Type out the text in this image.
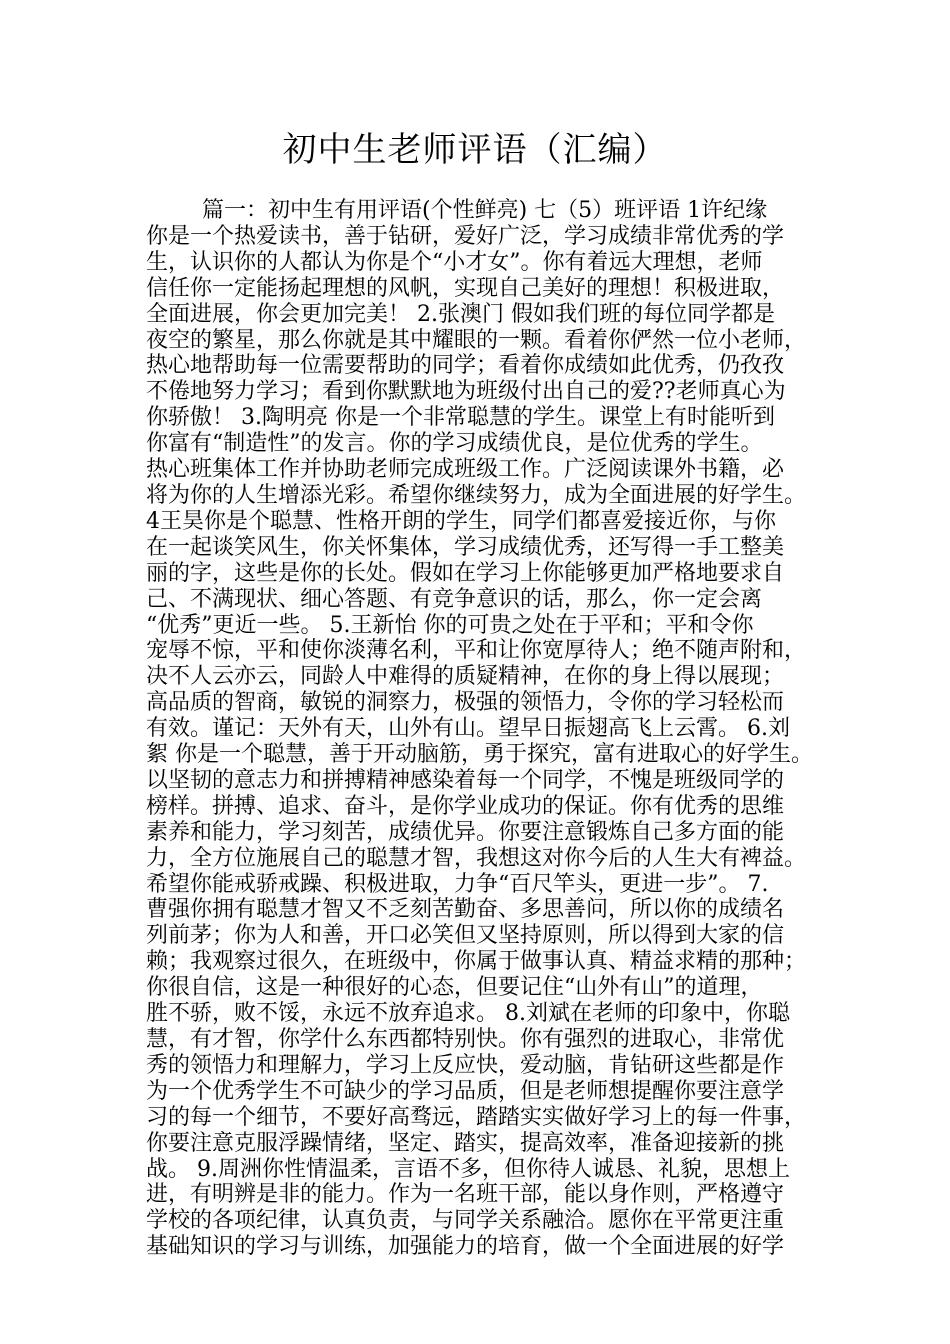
初中生老师评语（汇编）
篇一：初中生有用评语(个性鲜亮) 七（5）班评语 1许纪缘
你是一个热爱读书，善于钻研，爱好广泛，学习成绩非常优秀的学
生，认识你的人都认为你是个“小才女”。你有着远大理想，老师
信任你一定能扬起理想的风帆，实现自己美好的理想！积极进取，
全面进展，你会更加完美！ 2.张澳门 假如我们班的每位同学都是
夜空的繁星，那么你就是其中耀眼的一颗。看着你俨然一位小老师，
热心地帮助每一位需要帮助的同学；看着你成绩如此优秀，仍孜孜
不倦地努力学习；看到你默默地为班级付出自己的爱??老师真心为
你骄傲！ 3.陶明亮 你是一个非常聪慧的学生。课堂上有时能听到
你富有“制造性”的发言。你的学习成绩优良，是位优秀的学生。
热心班集体工作并协助老师完成班级工作。广泛阅读课外书籍，必
将为你的人生增添光彩。希望你继续努力，成为全面进展的好学生。
4王昊你是个聪慧、性格开朗的学生，同学们都喜爱接近你，与你
在一起谈笑风生，你关怀集体，学习成绩优秀，还写得一手工整美
丽的字，这些是你的长处。假如在学习上你能够更加严格地要求自
己、不满现状、细心答题、有竞争意识的话，那么，你一定会离
“优秀”更近一些。 5.王新怡 你的可贵之处在于平和；平和令你
宠辱不惊，平和使你淡薄名利，平和让你宽厚待人；绝不随声附和，
决不人云亦云，同龄人中难得的质疑精神，在你的身上得以展现；
高品质的智商，敏锐的洞察力，极强的领悟力，令你的学习轻松而
有效。谨记：天外有天，山外有山。望早日振翅高飞上云霄。 6.刘
絮 你是一个聪慧，善于开动脑筋，勇于探究，富有进取心的好学生。
以坚韧的意志力和拼搏精神感染着每一个同学，不愧是班级同学的
榜样。拼搏、追求、奋斗，是你学业成功的保证。你有优秀的思维
素养和能力，学习刻苦，成绩优异。你要注意锻炼自己多方面的能
力，全方位施展自己的聪慧才智，我想这对你今后的人生大有裨益。
希望你能戒骄戒躁、积极进取，力争“百尺竿头，更进一步”。 7.
曹强你拥有聪慧才智又不乏刻苦勤奋、多思善问，所以你的成绩名
列前茅；你为人和善，开口必笑但又坚持原则，所以得到大家的信
赖；我观察过很久，在班级中，你属于做事认真、精益求精的那种；
你很自信，这是一种很好的心态，但要记住“山外有山”的道理，
胜不骄，败不馁，永远不放弃追求。 8.刘斌在老师的印象中，你聪
慧，有才智，你学什么东西都特别快。你有强烈的进取心，非常优
秀的领悟力和理解力，学习上反应快，爱动脑，肯钻研这些都是作
为一个优秀学生不可缺少的学习品质，但是老师想提醒你要注意学
习的每一个细节，不要好高骛远，踏踏实实做好学习上的每一件事，
你要注意克服浮躁情绪，坚定、踏实，提高效率，准备迎接新的挑
战。 9.周洲你性情温柔，言语不多，但你待人诚恳、礼貌，思想上
进，有明辨是非的能力。作为一名班干部，能以身作则，严格遵守
学校的各项纪律，认真负责，与同学关系融洽。愿你在平常更注重
基础知识的学习与训练，加强能力的培育，做一个全面进展的好学
